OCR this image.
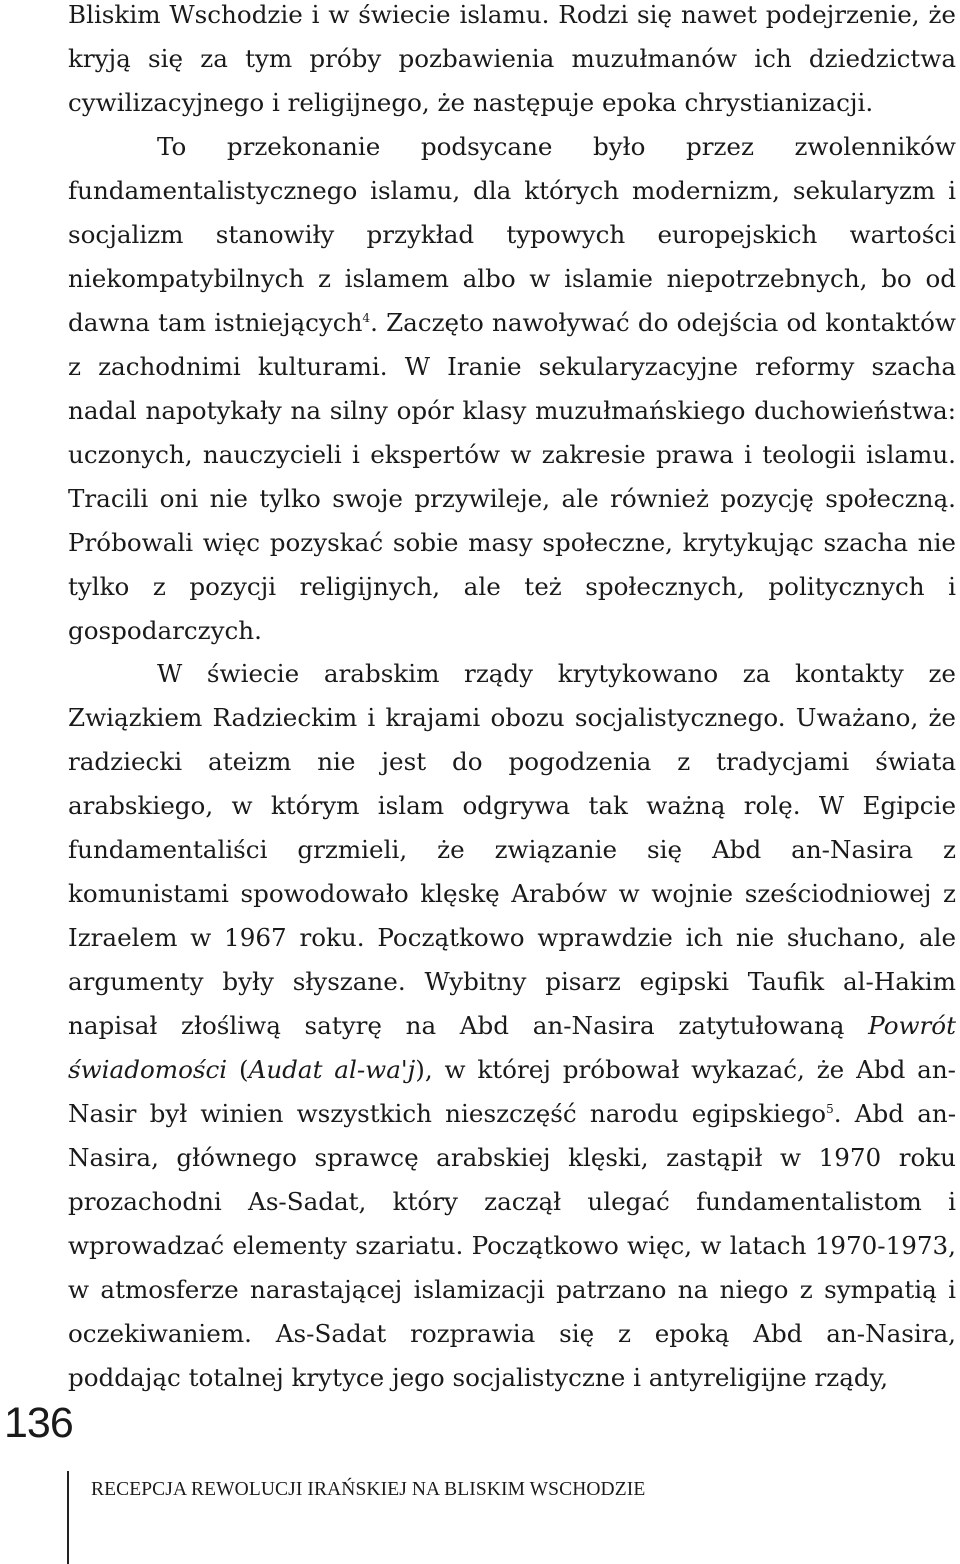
Bliskim Wschodzie i w świecie islamu. Rodzi się nawet podejrzenie, że kryją się za tym próby pozbawienia muzułmanów ich dziedzictwa cywilizacyjnego i religijnego, że następuje epoka chrystianizacji.

To przekonanie podsycane było przez zwolenników fundamentalistycznego islamu, dla których modernizm, sekularyzm i socjalizm stanowiły przykład typowych europejskich wartości niekompatybilnych z islamem albo w islamie niepotrzebnych, bo od dawna tam istniejących$^4$. Zaczęto nawoływać do odejścia od kontaktów z zachodnimi kulturami. W Iranie sekularyzacyjne reformy szacha nadal napotykały na silny opór klasy muzułmańskiego duchowieństwa: uczonych, nauczycieli i ekspertów w zakresie prawa i teologii islamu. Tracili oni nie tylko swoje przywileje, ale również pozycję społeczną. Próbowali więc pozyskać sobie masy społeczne, krytykując szacha nie tylko z pozycji religijnych, ale też społecznych, politycznych i gospodarczych.

W świecie arabskim rządy krytykowano za kontakty ze Związkiem Radzieckim i krajami obozu socjalistycznego. Uważano, że radziecki ateizm nie jest do pogodzenia z tradycjami świata arabskiego, w którym islam odgrywa tak ważną rolę. W Egipcie fundamentaliści grzmieli, że związanie się Abd an-Nasira z komunistami spowodowało klęskę Arabów w wojnie sześciodniowej z Izraelem w 1967 roku. Początkowo wprawdzie ich nie słuchano, ale argumenty były słyszane. Wybitny pisarz egipski Taufik al-Hakim napisał złośliwą satyrę na Abd an-Nasira zatytułowaną Powrót świadomości (Audat al-wa'j), w której próbował wykazać, że Abd an-Nasir był winien wszystkich nieszczęść narodu egipskiego$^5$. Abd an-Nasira, głównego sprawcę arabskiej klęski, zastąpił w 1970 roku prozachodni As-Sadat, który zaczął ulegać fundamentalistom i wprowadzać elementy szariatu. Początkowo więc, w latach 1970-1973, w atmosferze narastającej islamizacji patrzano na niego z sympatią i oczekiwaniem. As-Sadat rozprawia się z epoką Abd an-Nasira, poddając totalnej krytyce jego socjalistyczne i antyreligijne rządy,

136
RECEPCJA REWOLUCJI IRAŃSKIEJ NA BLISKIM WSCHODZIE
